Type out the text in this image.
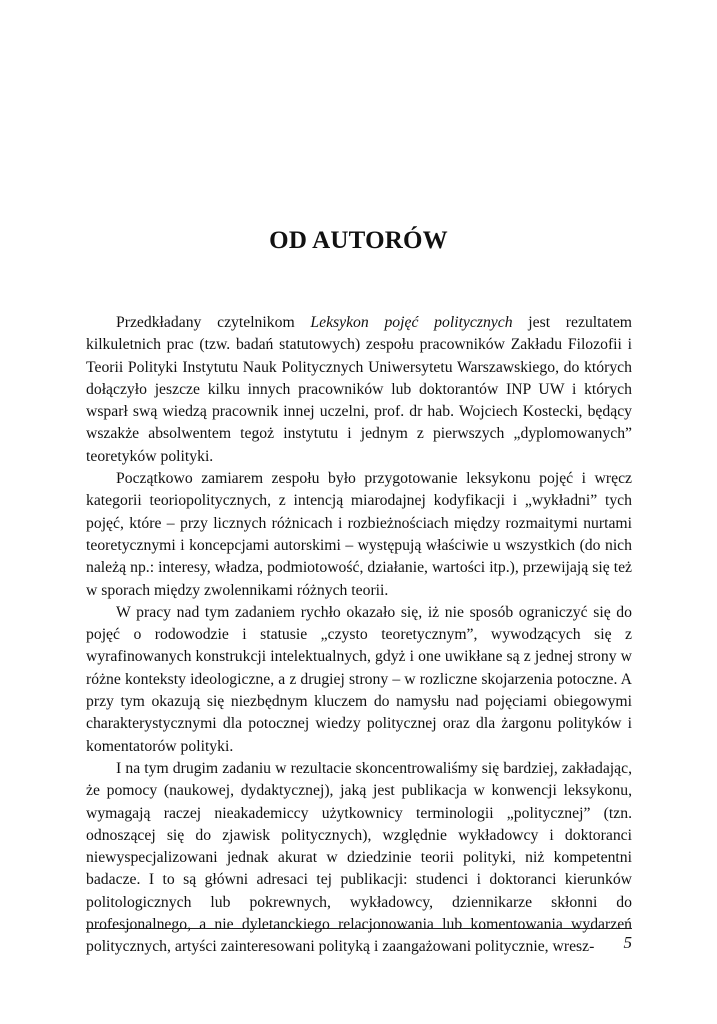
OD AUTORÓW

Przedkładany czytelnikom Leksykon pojęć politycznych jest rezultatem kilkuletnich prac (tzw. badań statutowych) zespołu pracowników Zakładu Filozofii i Teorii Polityki Instytutu Nauk Politycznych Uniwersytetu Warszawskiego, do których dołączyło jeszcze kilku innych pracowników lub doktorantów INP UW i których wsparł swą wiedzą pracownik innej uczelni, prof. dr hab. Wojciech Kostecki, będący wszakże absolwentem tegoż instytutu i jednym z pierwszych „dyplomowanych” teoretyków polityki.

Początkowo zamiarem zespołu było przygotowanie leksykonu pojęć i wręcz kategorii teoriopolitycznych, z intencją miarodajnej kodyfikacji i „wykładni” tych pojęć, które – przy licznych różnicach i rozbieżnościach między rozmaitymi nurtami teoretycznymi i koncepcjami autorskimi – występują właściwie u wszystkich (do nich należą np.: interesy, władza, podmiotowość, działanie, wartości itp.), przewijają się też w sporach między zwolennikami różnych teorii.

W pracy nad tym zadaniem rychło okazało się, iż nie sposób ograniczyć się do pojęć o rodowodzie i statusie „czysto teoretycznym”, wywodzących się z wyrafinowanych konstrukcji intelektualnych, gdyż i one uwikłane są z jednej strony w różne konteksty ideologiczne, a z drugiej strony – w rozliczne skojarzenia potoczne. A przy tym okazują się niezbędnym kluczem do namysłu nad pojęciami obiegowymi charakterystycznymi dla potocznej wiedzy politycznej oraz dla żargonu polityków i komentatorów polityki.

I na tym drugim zadaniu w rezultacie skoncentrowaliśmy się bardziej, zakładając, że pomocy (naukowej, dydaktycznej), jaką jest publikacja w konwencji leksykonu, wymagają raczej nieakademiccy użytkownicy terminologii „politycznej” (tzn. odnoszącej się do zjawisk politycznych), względnie wykładowcy i doktoranci niewyspecjalizowani jednak akurat w dziedzinie teorii polityki, niż kompetentni badacze. I to są główni adresaci tej publikacji: studenci i doktoranci kierunków politologicznych lub pokrewnych, wykładowcy, dziennikarze skłonni do profesjonalnego, a nie dyletanckiego relacjonowania lub komentowania wydarzeń politycznych, artyści zainteresowani polityką i zaangażowani politycznie, wresz-	5
